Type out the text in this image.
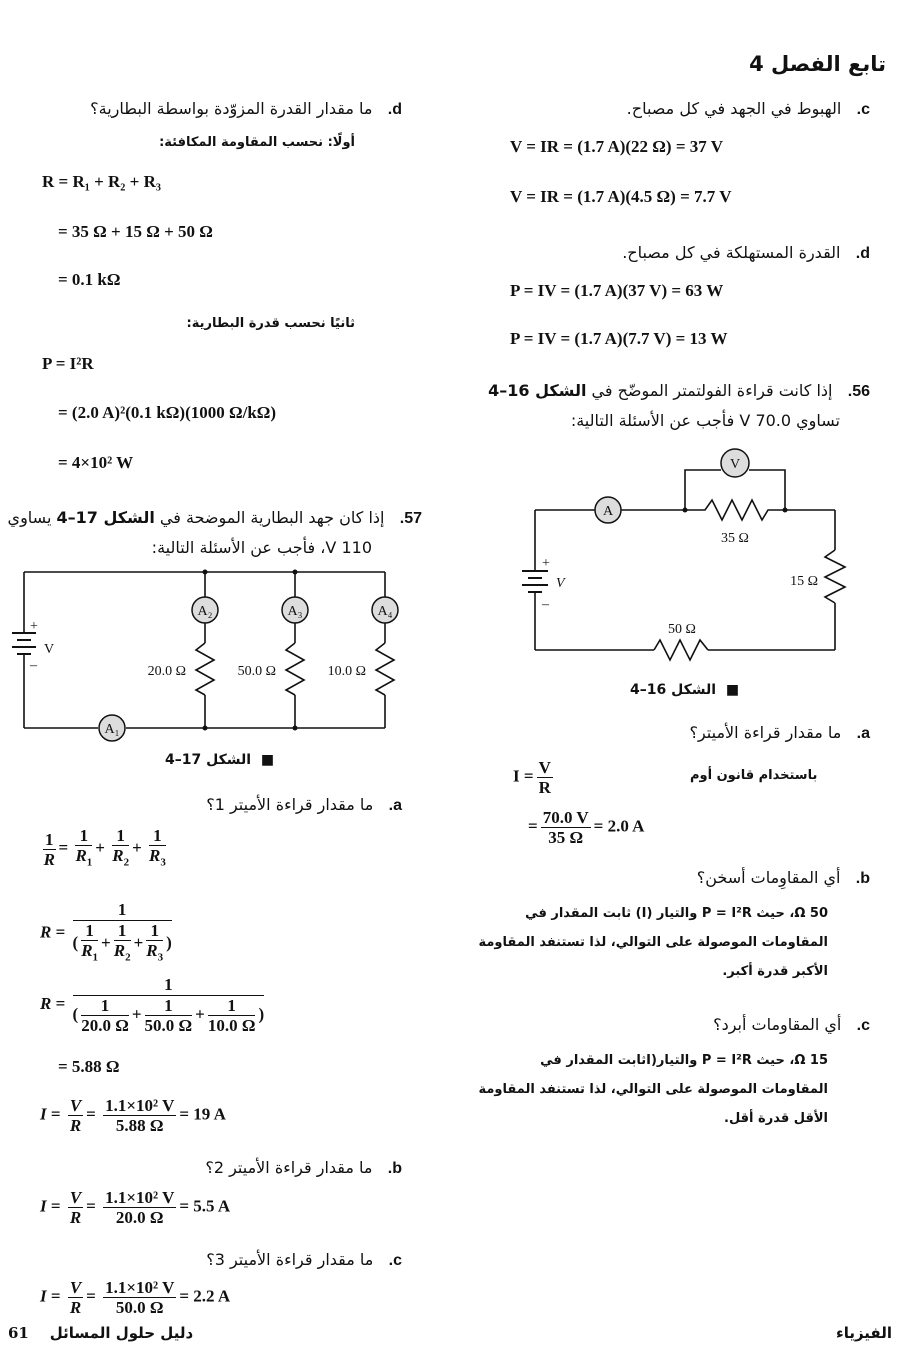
تابع الفصل 4
c.   الهبوط في الجهد في كل مصباح.
V = IR = (1.7 A)(22 Ω) = 37 V
V = IR = (1.7 A)(4.5 Ω) = 7.7 V
d.   القدرة المستهلكة في كل مصباح.
P = IV = (1.7 A)(37 V) = 63 W
P = IV = (1.7 A)(7.7 V) = 13 W
56.   إذا كانت قراءة الفولتمتر الموضّح في الشكل 16–4
تساوي 70.0 V فأجب عن الأسئلة التالية:
A
V
35 Ω
15 Ω
50 Ω
V
+
–
■  الشكل 16–4
a.   ما مقدار قراءة الأميتر؟
$I = \frac{V}{R}$	باستخدام قانون أوم
= $\frac{70.0 V}{35 \Omega} = 2.0$ A
b.   أي المقاوِمات أسخن؟
50 Ω، حيث P = I²R والتيار (I) ثابت المقدار في
المقاومات الموصولة على التوالي، لذا تستنفد المقاومة
الأكبر قدرة أكبر.
c.   أي المقاومات أبرد؟
15 Ω، حيث P = I²R والتيار(Iثابت المقدار في
المقاومات الموصولة على التوالي، لذا تستنفد المقاومة
الأقل قدرة أقل.
d.   ما مقدار القدرة المزوّدة بواسطة البطارية؟
أولًا: نحسب المقاومة المكافئة:
R = R₁ + R₂ + R₃
= 35 Ω + 15 Ω + 50 Ω
= 0.1 kΩ
ثانيًا نحسب قدرة البطارية:
P = I²R
= (2.0 A)²(0.1 kΩ)(1000 Ω/kΩ)
= 4×10² W
57.   إذا كان جهد البطارية الموضحة في الشكل 17–4 يساوي
110 V، فأجب عن الأسئلة التالية:
A₂	A₃	A₄
A₁
20.0 Ω	50.0 Ω	10.0 Ω
V
+
–
■  الشكل 17–4
a.   ما مقدار قراءة الأميتر 1؟
$\frac{1}{R} = \frac{1}{R_1} + \frac{1}{R_2} + \frac{1}{R_3}$
$R = \frac{1}{( \frac{1}{R_1} + \frac{1}{R_2} + \frac{1}{R_3} )}$
$R = \frac{1}{( \frac{1}{20.0 \Omega} + \frac{1}{50.0 \Omega} + \frac{1}{10.0 \Omega} )}$
= 5.88 Ω
$I = \frac{V}{R} = \frac{\text{1.1×10² V}}{5.88 \Omega} = 19$ A
b.   ما مقدار قراءة الأميتر 2؟
$I = \frac{V}{R} = \frac{\text{1.1×10² V}}{20.0 \Omega} = 5.5$ A
c.   ما مقدار قراءة الأميتر 3؟
$I = \frac{V}{R} = \frac{\text{1.1×10² V}}{50.0 \Omega} = 2.2$ A
61 دليل حلول المسائل	الفيزياء
